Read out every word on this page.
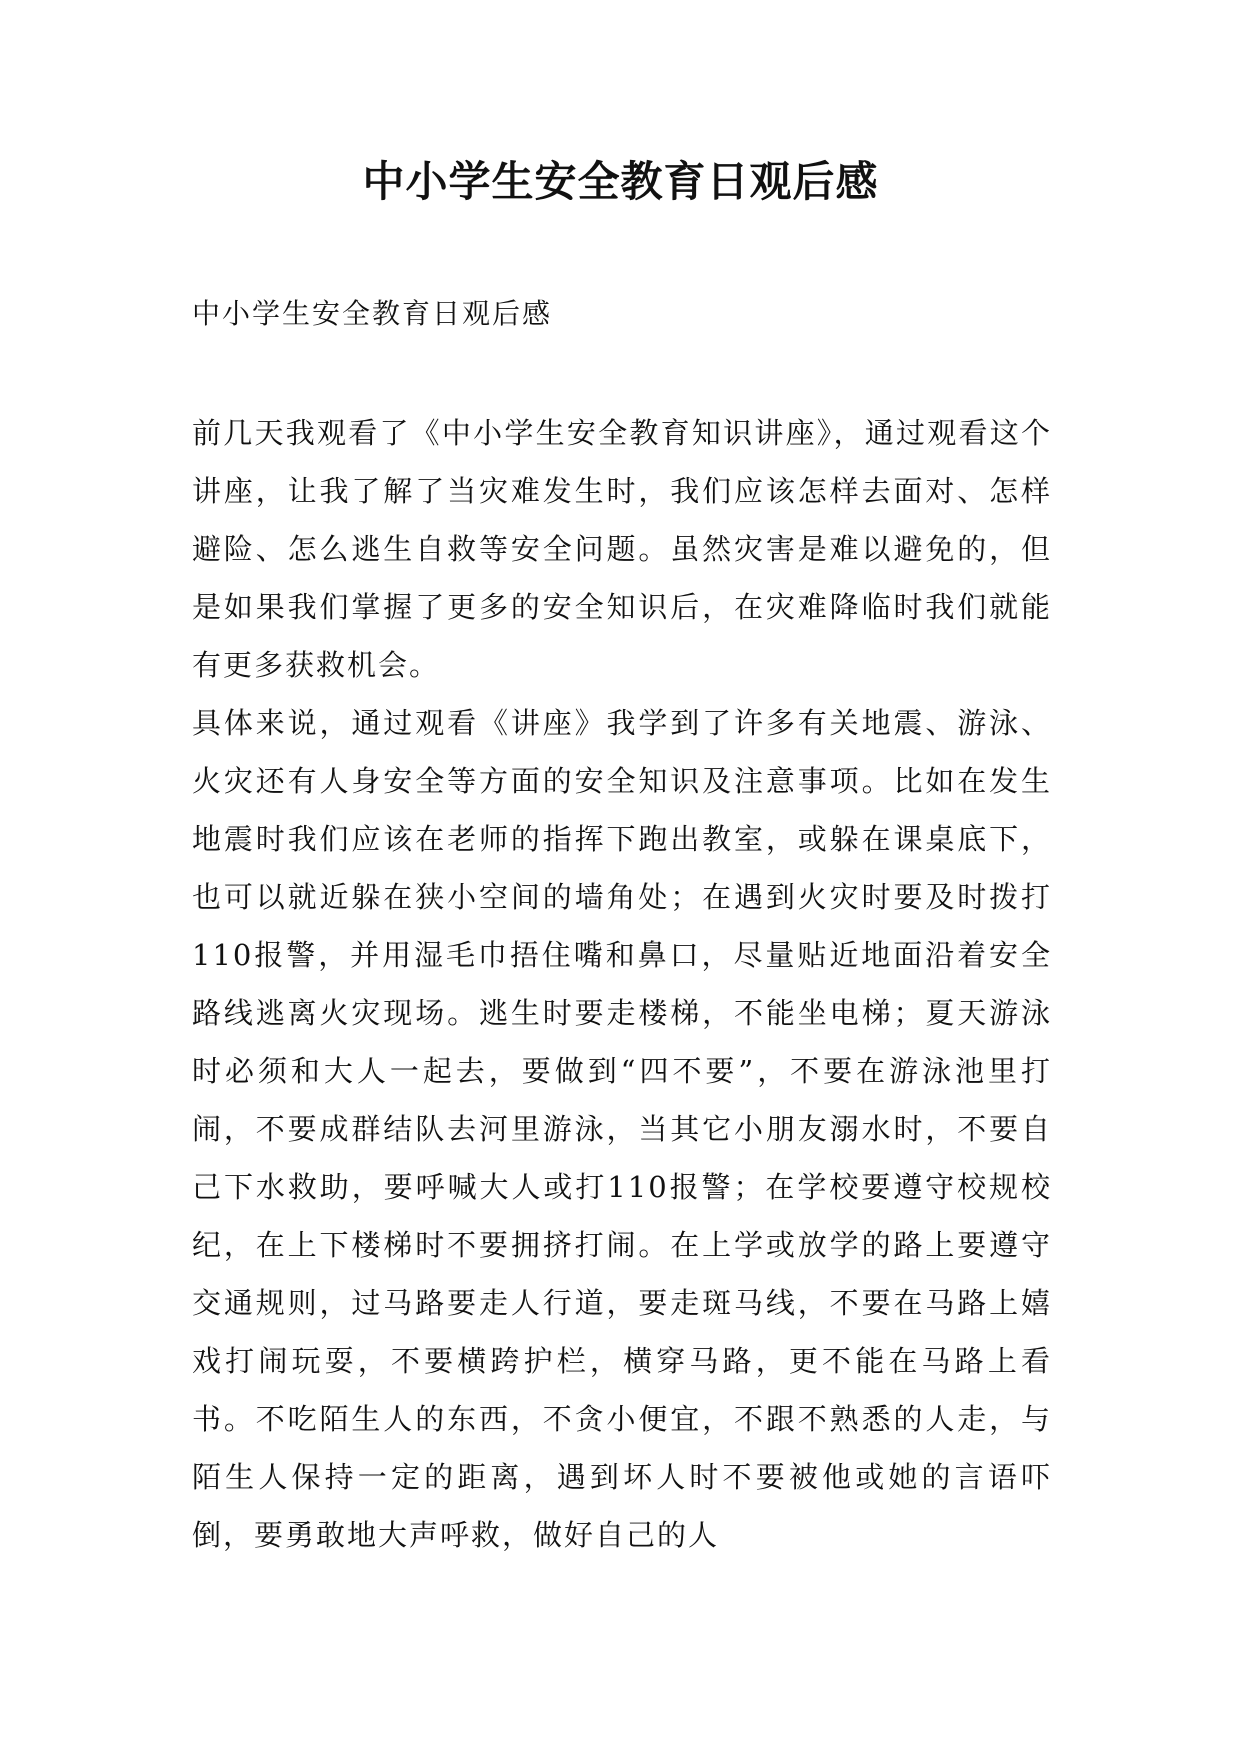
中小学生安全教育日观后感

中小学生安全教育日观后感

前几天我观看了《中小学生安全教育知识讲座》，通过观看这个讲座，让我了解了当灾难发生时，我们应该怎样去面对、怎样避险、怎么逃生自救等安全问题。虽然灾害是难以避免的，但是如果我们掌握了更多的安全知识后，在灾难降临时我们就能有更多获救机会。

具体来说，通过观看《讲座》我学到了许多有关地震、游泳、火灾还有人身安全等方面的安全知识及注意事项。比如在发生地震时我们应该在老师的指挥下跑出教室，或躲在课桌底下，也可以就近躲在狭小空间的墙角处；在遇到火灾时要及时拨打110报警，并用湿毛巾捂住嘴和鼻口，尽量贴近地面沿着安全路线逃离火灾现场。逃生时要走楼梯，不能坐电梯；夏天游泳时必须和大人一起去，要做到“四不要”，不要在游泳池里打闹，不要成群结队去河里游泳，当其它小朋友溺水时，不要自己下水救助，要呼喊大人或打110报警；在学校要遵守校规校纪，在上下楼梯时不要拥挤打闹。在上学或放学的路上要遵守交通规则，过马路要走人行道，要走斑马线，不要在马路上嬉戏打闹玩耍，不要横跨护栏，横穿马路，更不能在马路上看书。不吃陌生人的东西，不贪小便宜，不跟不熟悉的人走，与陌生人保持一定的距离，遇到坏人时不要被他或她的言语吓倒，要勇敢地大声呼救，做好自己的人
